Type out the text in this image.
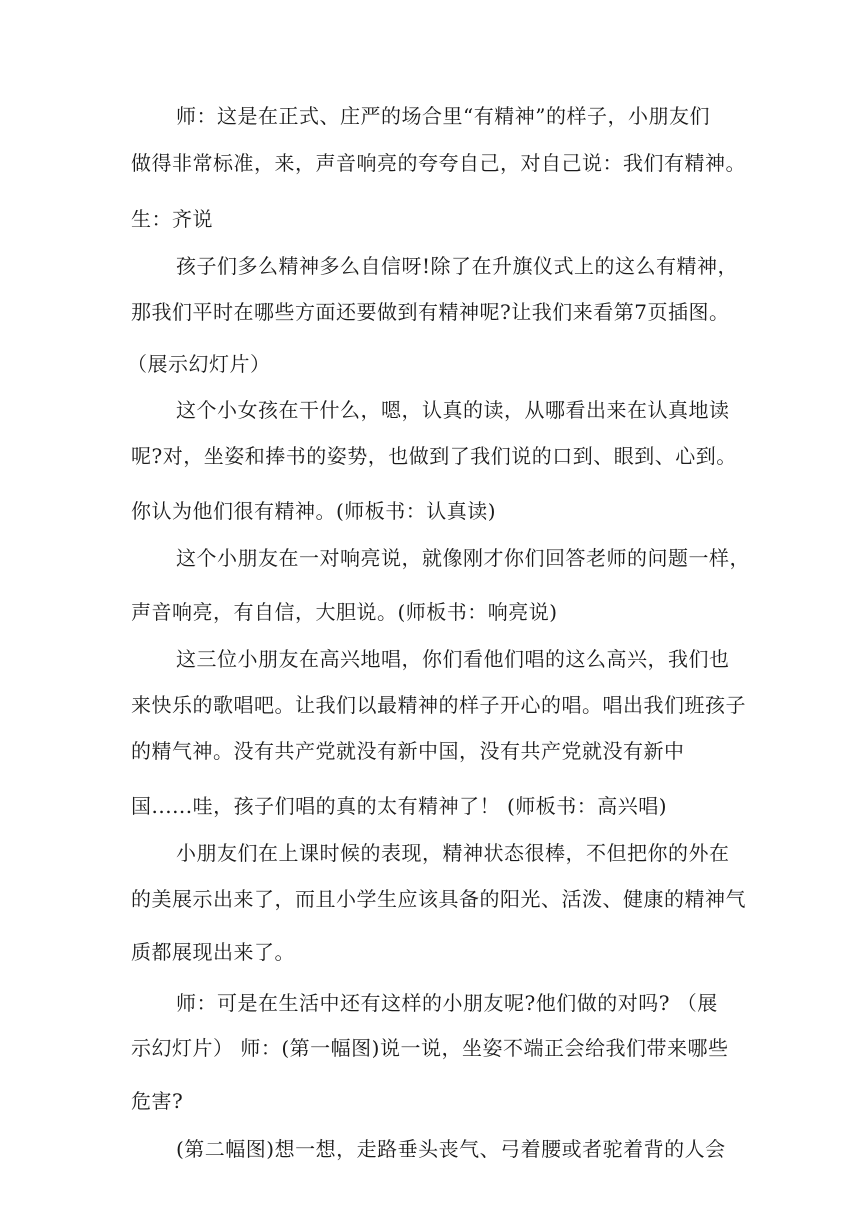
师：这是在正式、庄严的场合里“有精神”的样子，小朋友们
做得非常标准，来，声音响亮的夸夸自己，对自己说：我们有精神。
生：齐说
孩子们多么精神多么自信呀!除了在升旗仪式上的这么有精神，
那我们平时在哪些方面还要做到有精神呢?让我们来看第7页插图。
（展示幻灯片）
这个小女孩在干什么，嗯，认真的读，从哪看出来在认真地读
呢?对，坐姿和捧书的姿势，也做到了我们说的口到、眼到、心到。
你认为他们很有精神。(师板书：认真读)
这个小朋友在一对响亮说，就像刚才你们回答老师的问题一样，
声音响亮，有自信，大胆说。(师板书：响亮说)
这三位小朋友在高兴地唱，你们看他们唱的这么高兴，我们也
来快乐的歌唱吧。让我们以最精神的样子开心的唱。唱出我们班孩子
的精气神。没有共产党就没有新中国，没有共产党就没有新中
国......哇，孩子们唱的真的太有精神了！ (师板书：高兴唱)
小朋友们在上课时候的表现，精神状态很棒，不但把你的外在
的美展示出来了，而且小学生应该具备的阳光、活泼、健康的精神气
质都展现出来了。
师：可是在生活中还有这样的小朋友呢?他们做的对吗? （展
示幻灯片） 师：(第一幅图)说一说，坐姿不端正会给我们带来哪些
危害?
(第二幅图)想一想，走路垂头丧气、弓着腰或者驼着背的人会
